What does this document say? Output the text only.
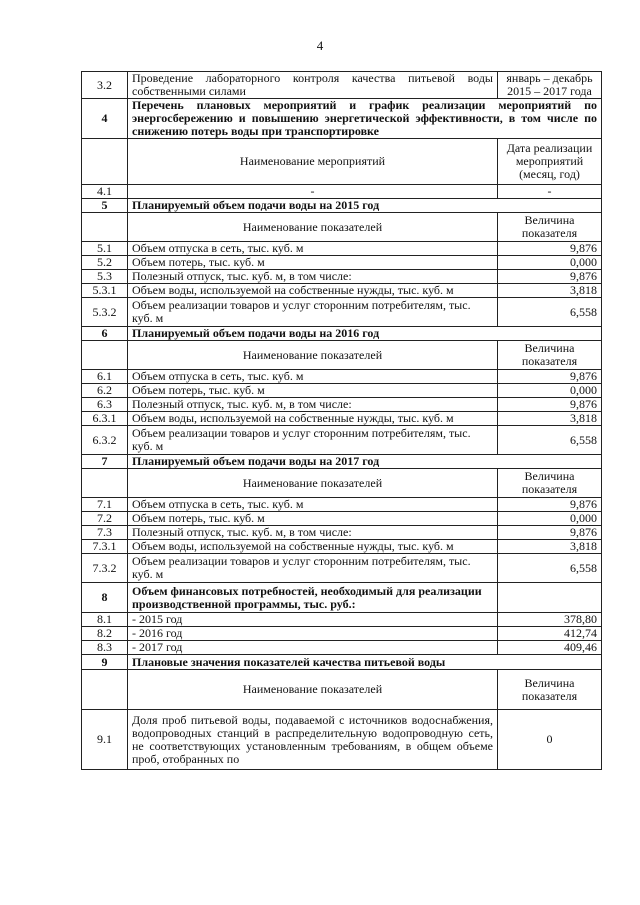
4
3.2	Проведение лабораторного контроля качества питьевой воды собственными силами	январь – декабрь 2015 – 2017 года
4	Перечень плановых мероприятий и график реализации мероприятий по энергосбережению и повышению энергетической эффективности, в том числе по снижению потерь воды при транспортировке	
	Наименование мероприятий	Дата реализации мероприятий (месяц, год)
4.1	-	-
5	Планируемый объем подачи воды на 2015 год	
	Наименование показателей	Величина показателя
5.1	Объем отпуска в сеть, тыс. куб. м	9,876
5.2	Объем потерь, тыс. куб. м	0,000
5.3	Полезный отпуск, тыс. куб. м, в том числе:	9,876
5.3.1	Объем воды, используемой на собственные нужды, тыс. куб. м	3,818
5.3.2	Объем реализации товаров и услуг сторонним потребителям, тыс. куб. м	6,558
6	Планируемый объем подачи воды на 2016 год	
	Наименование показателей	Величина показателя
6.1	Объем отпуска в сеть, тыс. куб. м	9,876
6.2	Объем потерь, тыс. куб. м	0,000
6.3	Полезный отпуск, тыс. куб. м, в том числе:	9,876
6.3.1	Объем воды, используемой на собственные нужды, тыс. куб. м	3,818
6.3.2	Объем реализации товаров и услуг сторонним потребителям, тыс. куб. м	6,558
7	Планируемый объем подачи воды на 2017 год	
	Наименование показателей	Величина показателя
7.1	Объем отпуска в сеть, тыс. куб. м	9,876
7.2	Объем потерь, тыс. куб. м	0,000
7.3	Полезный отпуск, тыс. куб. м, в том числе:	9,876
7.3.1	Объем воды, используемой на собственные нужды, тыс. куб. м	3,818
7.3.2	Объем реализации товаров и услуг сторонним потребителям, тыс. куб. м	6,558
8	Объем финансовых потребностей, необходимый для реализации производственной программы, тыс. руб.:	
8.1	- 2015 год	378,80
8.2	- 2016 год	412,74
8.3	- 2017 год	409,46
9	Плановые значения показателей качества питьевой воды	
	Наименование показателей	Величина показателя
9.1	Доля проб питьевой воды, подаваемой с источников водоснабжения, водопроводных станций в распределительную водопроводную сеть, не соответствующих установленным требованиям, в общем объеме проб, отобранных по	0
